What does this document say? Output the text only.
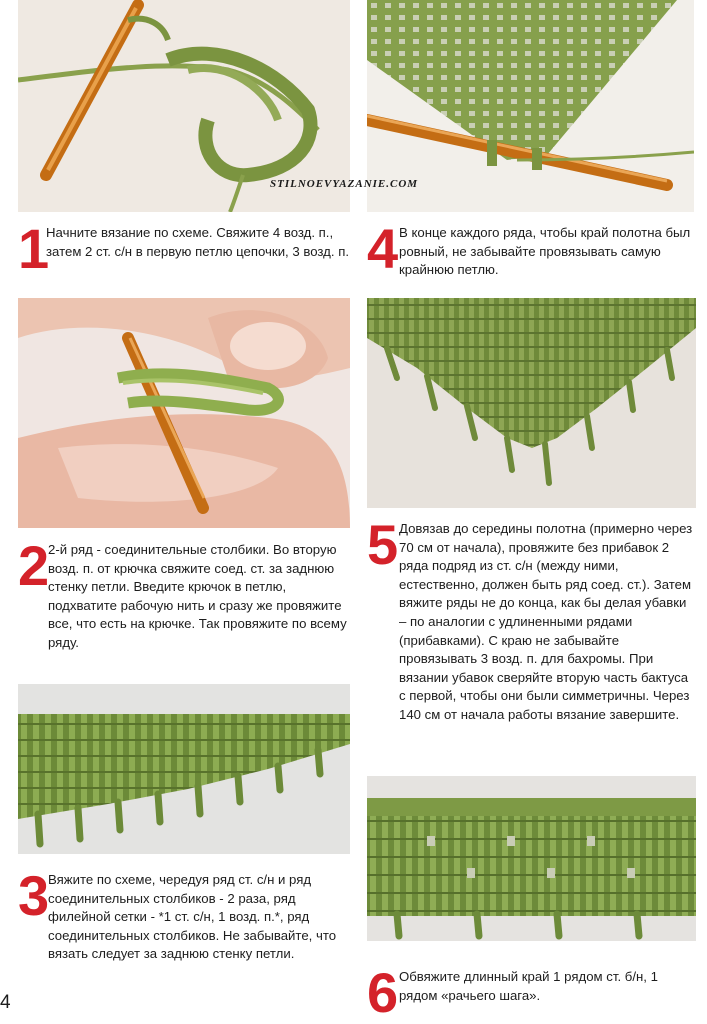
STILNOEVYAZANIE.COM
1
Начните вязание по схеме. Свяжите 4 возд. п., затем 2 ст. с/н в первую петлю цепочки, 3 возд. п. 4 В конце каждого ряда, чтобы край полотна был ровный, не забывайте провязывать самую крайнюю петлю.
2 2-й ряд - соединительные столбики. Во вторую возд. п. от крючка свяжите соед. ст. за заднюю стенку петли. Введите крючок в петлю, подхватите рабочую нить и сразу же провяжите все, что есть на крючке. Так провяжите по всему ряду.
5 Довязав до середины полотна (примерно через 70 см от начала), провяжите без прибавок 2 ряда подряд из ст. с/н (между ними, естественно, должен быть ряд соед. ст.). Затем вяжите ряды не до конца, как бы делая убавки – по аналогии с удлиненными рядами (прибавками). С краю не забывайте провязывать 3 возд. п. для бахромы. При вязании убавок сверяйте вторую часть бактуса с первой, чтобы они были симметричны. Через 140 см от начала работы вязание завершите.
3 Вяжите по схеме, чередуя ряд ст. с/н и ряд соединительных столбиков - 2 раза, ряд филейной сетки - *1 ст. с/н, 1 возд. п.*, ряд соединительных столбиков. Не забывайте, что вязать следует за заднюю стенку петли.
6 Обвяжите длинный край 1 рядом ст. б/н, 1 рядом «рачьего шага».
4
